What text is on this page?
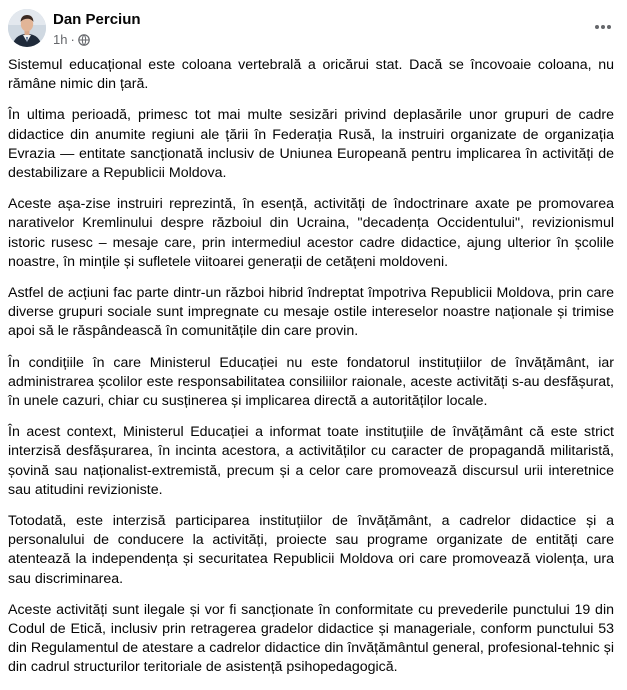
Dan Perciun
1h ·

Sistemul educațional este coloana vertebrală a oricărui stat. Dacă se încovoaie coloana, nu rămâne nimic din țară.

În ultima perioadă, primesc tot mai multe sesizări privind deplasările unor grupuri de cadre didactice din anumite regiuni ale țării în Federația Rusă, la instruiri organizate de organizația Evrazia — entitate sancționată inclusiv de Uniunea Europeană pentru implicarea în activități de destabilizare a Republicii Moldova.

Aceste așa-zise instruiri reprezintă, în esență, activități de îndoctrinare axate pe promovarea narativelor Kremlinului despre războiul din Ucraina, "decadența Occidentului", revizionismul istoric rusesc – mesaje care, prin intermediul acestor cadre didactice, ajung ulterior în școlile noastre, în mințile și sufletele viitoarei generații de cetățeni moldoveni.

Astfel de acțiuni fac parte dintr-un război hibrid îndreptat împotriva Republicii Moldova, prin care diverse grupuri sociale sunt impregnate cu mesaje ostile intereselor noastre naționale și trimise apoi să le răspândească în comunitățile din care provin.

În condițiile în care Ministerul Educației nu este fondatorul instituțiilor de învățământ, iar administrarea școlilor este responsabilitatea consiliilor raionale, aceste activități s-au desfășurat, în unele cazuri, chiar cu susținerea și implicarea directă a autorităților locale.

În acest context, Ministerul Educației a informat toate instituțiile de învățământ că este strict interzisă desfășurarea, în incinta acestora, a activităților cu caracter de propagandă militaristă, șovină sau naționalist-extremistă, precum și a celor care promovează discursul urii interetnice sau atitudini revizioniste.

Totodată, este interzisă participarea instituțiilor de învățământ, a cadrelor didactice și a personalului de conducere la activități, proiecte sau programe organizate de entități care atentează la independența și securitatea Republicii Moldova ori care promovează violența, ura sau discriminarea.

Aceste activități sunt ilegale și vor fi sancționate în conformitate cu prevederile punctului 19 din Codul de Etică, inclusiv prin retragerea gradelor didactice și manageriale, conform punctului 53 din Regulamentul de atestare a cadrelor didactice din învățământul general, profesional-tehnic și din cadrul structurilor teritoriale de asistență psihopedagogică.
